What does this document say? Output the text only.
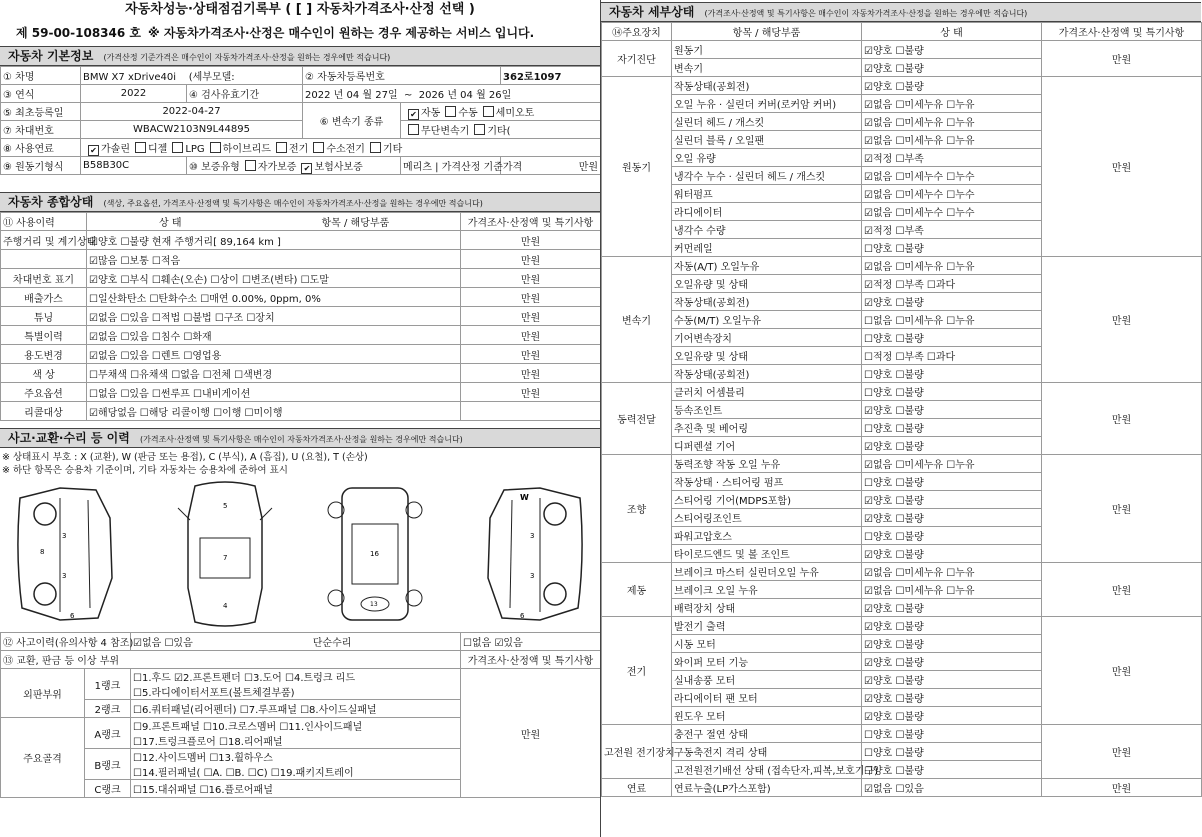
자동차성능·상태점검기록부 ( [ ] 자동차가격조사·산정 선택 )
제 59-00-108346 호 ※ 자동차가격조사·산정은 매수인이 원하는 경우 제공하는 서비스 입니다.
자동차 기본정보 (가격산정 기준가격은 매수인이 자동차가격조사·산정을 원하는 경우에만 적습니다)
① 차명	BMW X7 xDrive40i (세부모델:		② 자동차등록번호		362로1097
③ 연식	2022	④ 검사유효기간	2022 년 04 월 27일 ~ 2026 년 04 월 26일		
⑤ 최초등록일	2022-04-27		⑥ 변속기 종류	✔ 자동 수동 세미오토	
⑦ 차대번호	WBACW2103N9L44895			무단변속기 기타(	
⑧ 사용연료	✔ 가솔린 디젤 LPG 하이브리드 전기 수소전기 기타				
⑨ 원동기형식	B58B30C	⑩ 보증유형 자가보증 ✔ 보험사보증		메리츠 | 가격산정 기준가격	만원
자동차 종합상태 (색상, 주요옵션, 가격조사·산정액 및 특기사항은 매수인이 자동차가격조사·산정을 원하는 경우에만 적습니다)
⑪ 사용이력	상 태 항목 / 해당부품	가격조사·산정액 및 특기사항
주행거리 및 계기상태	☑양호 ☐불량 현재 주행거리[ 89,164 km ]	만원
	☑많음 ☐보통 ☐적음	만원
차대번호 표기	☑양호 ☐부식 ☐훼손(오손) ☐상이 ☐변조(변타) ☐도말	만원
배출가스	☐일산화탄소 ☐탄화수소 ☐매연 0.00%, 0ppm, 0%	만원
튜닝	☑없음 ☐있음 ☐적법 ☐불법 ☐구조 ☐장치	만원
특별이력	☑없음 ☐있음 ☐침수 ☐화재	만원
용도변경	☑없음 ☐있음 ☐렌트 ☐영업용	만원
색 상	☐무채색 ☐유채색 ☐없음 ☐전체 ☐색변경	만원
주요옵션	☐없음 ☐있음 ☐썬루프 ☐내비게이션	만원
리콜대상	☑해당없음 ☐해당 리콜이행 ☐이행 ☐미이행	
사고·교환·수리 등 이력 (가격조사·산정액 및 특기사항은 매수인이 자동차가격조사·산정을 원하는 경우에만 적습니다)
※ 상태표시 부호 : X (교환), W (판금 또는 용접), C (부식), A (흠집), U (요철), T (손상)
※ 하단 항목은 승용차 기준이며, 기타 자동차는 승용차에 준하여 표시
3
3
8
6
5
7
4
16
13
W
3
3
6
⑫ 사고이력(유의사항 4 참조)		☑없음 ☐있음 단순수리	☐없음 ☑있음
⑬ 교환, 판금 등 이상 부위			가격조사·산정액 및 특기사항
외판부위	1랭크	☐1.후드 ☑2.프론트펜더 ☐3.도어 ☐4.트렁크 리드
☐5.라디에이터서포트(볼트체결부품)	만원
	2랭크	☐6.쿼터패널(리어펜더) ☐7.루프패널 ☐8.사이드실패널	
주요골격	A랭크	☐9.프론트패널 ☐10.크로스멤버 ☐11.인사이드패널
☐17.트렁크플로어 ☐18.리어패널	

	B랭크	☐12.사이드멤버 ☐13.휠하우스
☐14.필러패널( ☐A. ☐B. ☐C) ☐19.패키지트레이	

	C랭크	☐15.대쉬패널 ☐16.플로어패널	
자동차 세부상태 (가격조사·산정액 및 특기사항은 매수인이 자동차가격조사·산정을 원하는 경우에만 적습니다)
⑭주요장치	항목 / 해당부품	상 태	가격조사·산정액 및 특기사항
자기진단	원동기	☑양호 ☐불량	만원
	변속기	☑양호 ☐불량	
원동기	작동상태(공회전)	☑양호 ☐불량	만원
	오일 누유 · 실린더 커버(로커암 커버)	☑없음 ☐미세누유 ☐누유	
	실린더 헤드 / 개스킷	☑없음 ☐미세누유 ☐누유	
	실린더 블록 / 오일팬	☑없음 ☐미세누유 ☐누유	
	오일 유량	☑적정 ☐부족	
	냉각수 누수 · 실린더 헤드 / 개스킷	☑없음 ☐미세누수 ☐누수	
	워터펌프	☑없음 ☐미세누수 ☐누수	
	라디에이터	☑없음 ☐미세누수 ☐누수	
	냉각수 수량	☑적정 ☐부족	
	커먼레일	☐양호 ☐불량	
변속기	자동(A/T) 오일누유	☑없음 ☐미세누유 ☐누유	만원
	오일유량 및 상태	☑적정 ☐부족 ☐과다	
	작동상태(공회전)	☑양호 ☐불량	
	수동(M/T) 오일누유	☐없음 ☐미세누유 ☐누유	
	기어변속장치	☐양호 ☐불량	
	오일유량 및 상태	☐적정 ☐부족 ☐과다	
	작동상태(공회전)	☐양호 ☐불량	
동력전달	클러치 어셈블리	☐양호 ☐불량	만원
	등속조인트	☑양호 ☐불량	
	추진축 및 베어링	☐양호 ☐불량	
	디퍼렌셜 기어	☑양호 ☐불량	
조향	동력조향 작동 오일 누유	☑없음 ☐미세누유 ☐누유	만원
	작동상태 · 스티어링 펌프	☐양호 ☐불량	
	스티어링 기어(MDPS포함)	☑양호 ☐불량	
	스티어링조인트	☑양호 ☐불량	
	파워고압호스	☐양호 ☐불량	
	타이로드엔드 및 볼 조인트	☑양호 ☐불량	
제동	브레이크 마스터 실린더오일 누유	☑없음 ☐미세누유 ☐누유	만원
	브레이크 오일 누유	☑없음 ☐미세누유 ☐누유	
	배력장치 상태	☑양호 ☐불량	
전기	발전기 출력	☑양호 ☐불량	만원
	시동 모터	☑양호 ☐불량	
	와이퍼 모터 기능	☑양호 ☐불량	
	실내송풍 모터	☑양호 ☐불량	
	라디에이터 팬 모터	☑양호 ☐불량	
	윈도우 모터	☑양호 ☐불량	
고전원 전기장치	충전구 절연 상태	☐양호 ☐불량	만원
	구동축전지 격리 상태	☐양호 ☐불량	
	고전원전기배선 상태 (접속단자,피복,보호기구)	☐양호 ☐불량	
연료	연료누출(LP가스포함)	☑없음 ☐있음	만원
